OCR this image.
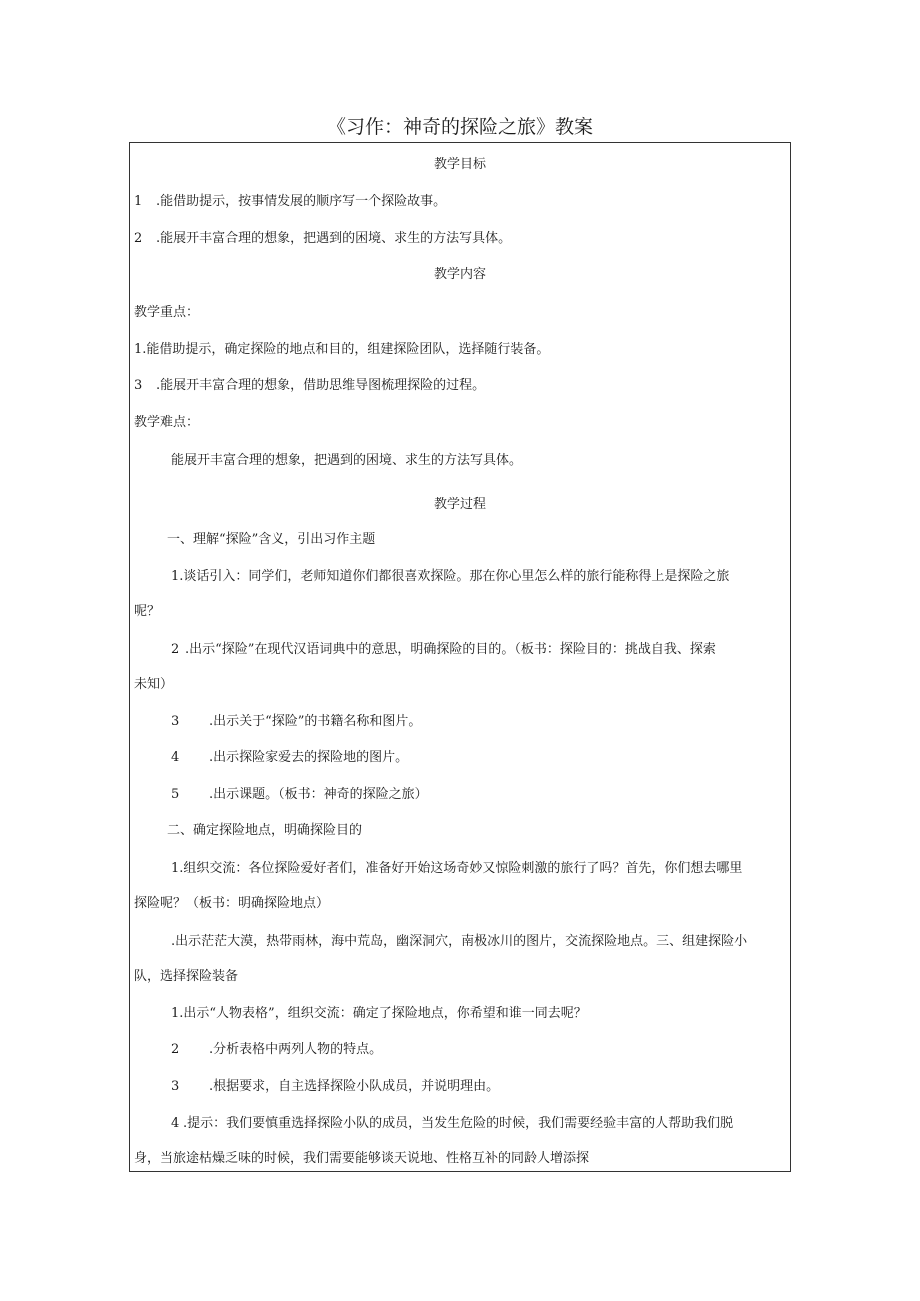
《习作：神奇的探险之旅》教案
教学目标
1 .能借助提示，按事情发展的顺序写一个探险故事。
2 .能展开丰富合理的想象，把遇到的困境、求生的方法写具体。
教学内容
教学重点：
1.能借助提示，确定探险的地点和目的，组建探险团队，选择随行装备。
3 .能展开丰富合理的想象，借助思维导图梳理探险的过程。
教学难点：
能展开丰富合理的想象，把遇到的困境、求生的方法写具体。
教学过程
一、理解“探险”含义，引出习作主题
1.谈话引入：同学们，老师知道你们都很喜欢探险。那在你心里怎么样的旅行能称得上是探险之旅
呢？
2 .出示“探险”在现代汉语词典中的意思，明确探险的目的。（板书：探险目的：挑战自我、探索
未知）
3 .出示关于“探险”的书籍名称和图片。
4 .出示探险家爱去的探险地的图片。
5 .出示课题。（板书：神奇的探险之旅）
二、确定探险地点，明确探险目的
1.组织交流：各位探险爱好者们，准备好开始这场奇妙又惊险刺激的旅行了吗？首先，你们想去哪里
探险呢？（板书：明确探险地点）
.出示茫茫大漠，热带雨林，海中荒岛，幽深洞穴，南极冰川的图片，交流探险地点。三、组建探险小
队，选择探险装备
1.出示“人物表格”，组织交流：确定了探险地点，你希望和谁一同去呢？
2 .分析表格中两列人物的特点。
3 .根据要求，自主选择探险小队成员，并说明理由。
4 .提示：我们要慎重选择探险小队的成员，当发生危险的时候，我们需要经验丰富的人帮助我们脱
身，当旅途枯燥乏味的时候，我们需要能够谈天说地、性格互补的同龄人增添探
